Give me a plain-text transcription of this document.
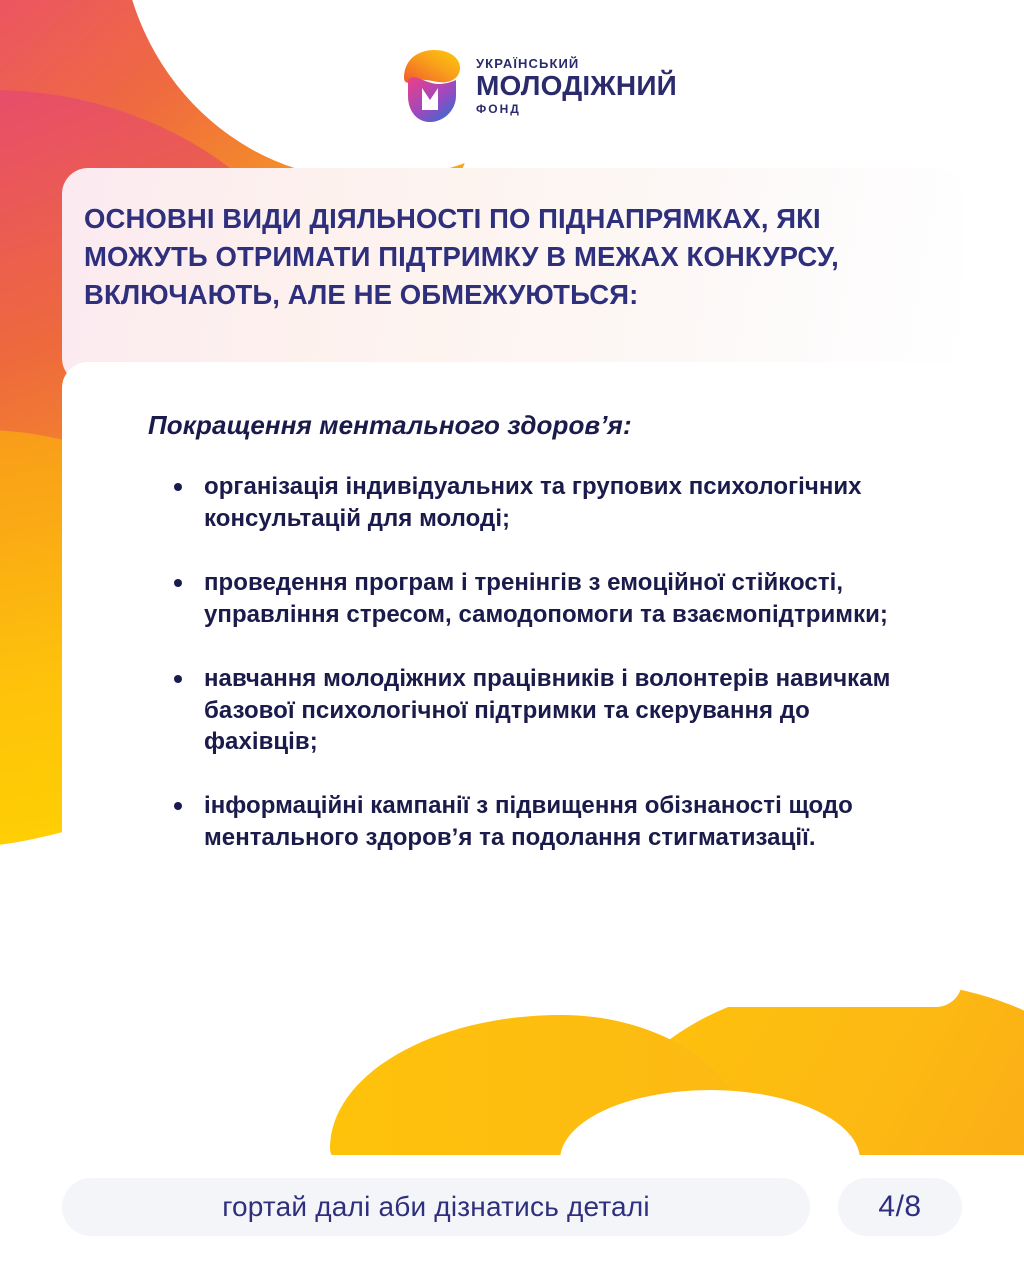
УКРАЇНСЬКИЙ
МОЛОДІЖНИЙ
ФОНД
ОСНОВНІ ВИДИ ДІЯЛЬНОСТІ ПО ПІДНАПРЯМКАХ, ЯКІ МОЖУТЬ ОТРИМАТИ ПІДТРИМКУ В МЕЖАХ КОНКУРСУ, ВКЛЮЧАЮТЬ, АЛЕ НЕ ОБМЕЖУЮТЬСЯ:
Покращення ментального здоров’я:
організація індивідуальних та групових психологічних консультацій для молоді;
проведення програм і тренінгів з емоційної стійкості, управління стресом, самодопомоги та взаємопідтримки;
навчання молодіжних працівників і волонтерів навичкам базової психологічної підтримки та скерування до фахівців;
інформаційні кампанії з підвищення обізнаності щодо ментального здоров’я та подолання стигматизації.
гортай далі аби дізнатись деталі	4/8
